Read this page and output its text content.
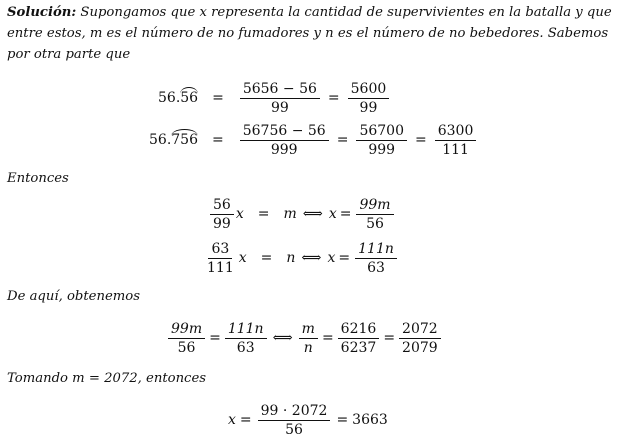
Solución: Supongamos que x representa la cantidad de supervivientes en la batalla y que entre estos, m es el número de no fumadores y n es el número de no bebedores. Sabemos por otra parte que
56. 56	=	$\frac{5656 - 56}{99} = \frac{5600}{99}$
56. 756	=	$\frac{56756 - 56}{999} = \frac{56700}{999} = \frac{6300}{111}$
Entonces
$\frac{56}{99}$ x	=	m ⟺ $x = \frac{99m}{56}$
$\frac{63}{111}$ x	=	n ⟺ $x = \frac{111n}{63}$
De aquí, obtenemos
$\frac{99m}{56} = \frac{111n}{63}$ ⟺ $\frac{m}{n} = \frac{6216}{6237} = \frac{2072}{2079}$
Tomando m = 2072, entonces
$x = \frac{99 \cdot 2072}{56} = 3663$
